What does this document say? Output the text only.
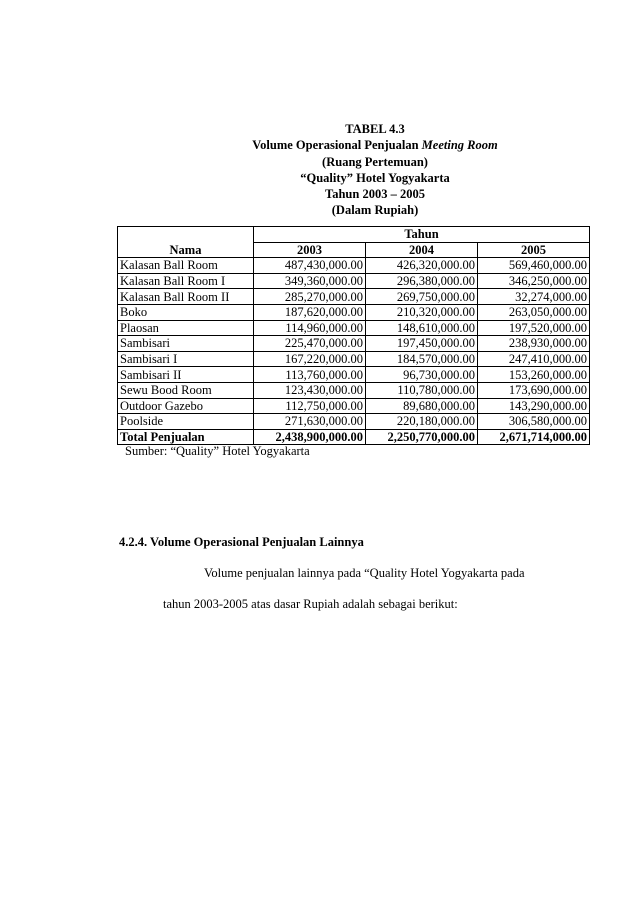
TABEL 4.3
Volume Operasional Penjualan Meeting Room
(Ruang Pertemuan)
“Quality” Hotel Yogyakarta
Tahun 2003 – 2005
(Dalam Rupiah)
Nama	Tahun		
	2003	2004	2005
Kalasan Ball Room	487,430,000.00	426,320,000.00	569,460,000.00
Kalasan Ball Room I	349,360,000.00	296,380,000.00	346,250,000.00
Kalasan Ball Room II	285,270,000.00	269,750,000.00	32,274,000.00
Boko	187,620,000.00	210,320,000.00	263,050,000.00
Plaosan	114,960,000.00	148,610,000.00	197,520,000.00
Sambisari	225,470,000.00	197,450,000.00	238,930,000.00
Sambisari I	167,220,000.00	184,570,000.00	247,410,000.00
Sambisari II	113,760,000.00	96,730,000.00	153,260,000.00
Sewu Bood Room	123,430,000.00	110,780,000.00	173,690,000.00
Outdoor Gazebo	112,750,000.00	89,680,000.00	143,290,000.00
Poolside	271,630,000.00	220,180,000.00	306,580,000.00
Total Penjualan	2,438,900,000.00	2,250,770,000.00	2,671,714,000.00
Sumber: “Quality” Hotel Yogyakarta
4.2.4. Volume Operasional Penjualan Lainnya
Volume penjualan lainnya pada “Quality Hotel Yogyakarta pada
tahun 2003-2005 atas dasar Rupiah adalah sebagai berikut:
